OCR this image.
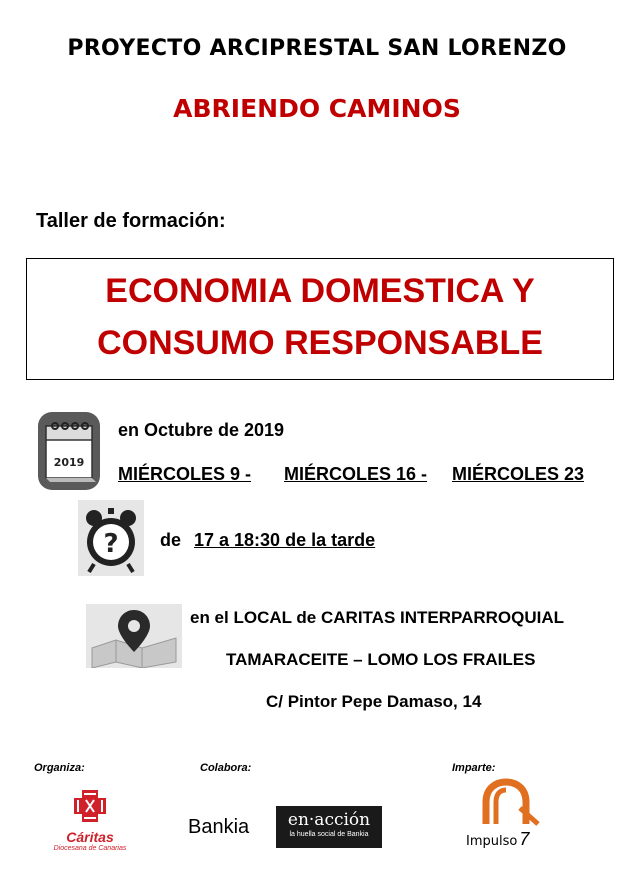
PROYECTO ARCIPRESTAL SAN LORENZO
ABRIENDO CAMINOS
Taller de formación:
ECONOMIA DOMESTICA Y
CONSUMO RESPONSABLE
2019
en Octubre de 2019
MIÉRCOLES 9 - MIÉRCOLES 16 - MIÉRCOLES 23
? de 17 a 18:30 de la tarde
en el LOCAL de CARITAS INTERPARROQUIAL
TAMARACEITE – LOMO LOS FRAILES
C/ Pintor Pepe Damaso, 14
Organiza:	Colabora:	Imparte:
Cáritas
Diocesana de Canarias
Bankia	en·acción
la huella social de Bankia	Impulso 7
